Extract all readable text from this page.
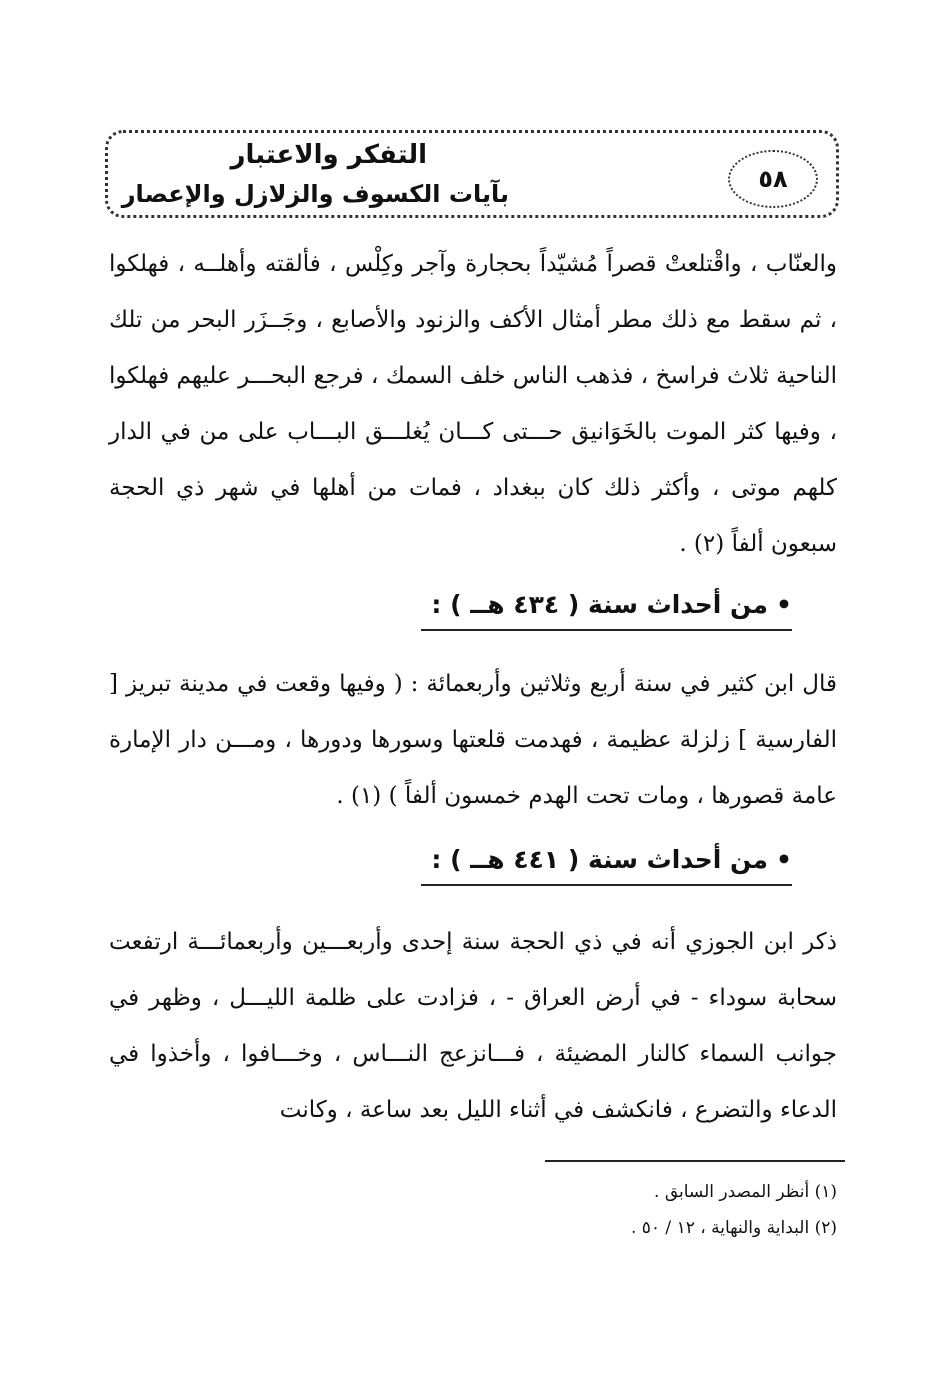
٥٨
التفكر والاعتبار
بآيات الكسوف والزلازل والإعصار
والعنّاب ، واقْتلعتْ قصراً مُشيّداً بحجارة وآجر وكِلْس ، فألقته وأهلــه ، فهلكوا ، ثم سقط مع ذلك مطر أمثال الأكف والزنود والأصابع ، وجَــزَر البحر من تلك الناحية ثلاث فراسخ ، فذهب الناس خلف السمك ، فرجع البحـــر عليهم فهلكوا ، وفيها كثر الموت بالخَوَانيق حـــتى كـــان يُغلـــق البـــاب على من في الدار كلهم موتى ، وأكثر ذلك كان ببغداد ، فمات من أهلها في شهر ذي الحجة سبعون ألفاً (٢) .
•من أحداث سنة ( ٤٣٤ هــ ) :
قال ابن كثير في سنة أربع وثلاثين وأربعمائة : ( وفيها وقعت في مدينة تبريز [ الفارسية ] زلزلة عظيمة ، فهدمت قلعتها وسورها ودورها ، ومـــن دار الإمارة عامة قصورها ، ومات تحت الهدم خمسون ألفاً ) (١) .
•من أحداث سنة ( ٤٤١ هــ ) :
ذكر ابن الجوزي أنه في ذي الحجة سنة إحدى وأربعـــين وأربعمائـــة ارتفعت سحابة سوداء - في أرض العراق - ، فزادت على ظلمة الليـــل ، وظهر في جوانب السماء كالنار المضيئة ، فـــانزعج النـــاس ، وخـــافوا ، وأخذوا في الدعاء والتضرع ، فانكشف في أثناء الليل بعد ساعة ، وكانت
(١) أنظر المصدر السابق .
(٢) البداية والنهاية ، ١٢ / ٥٠ .
